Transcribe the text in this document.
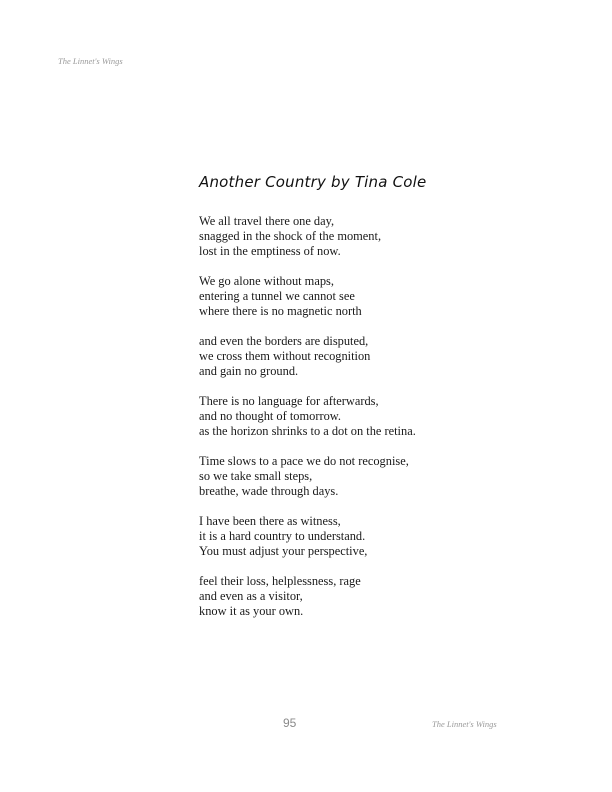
The Linnet's Wings
Another Country by Tina Cole
We all travel there one day,
snagged in the shock of the moment,
lost in the emptiness of now.
We go alone without maps,
entering a tunnel we cannot see
where there is no magnetic north
and even the borders are disputed,
we cross them without recognition
and gain no ground.
There is no language for afterwards,
and no thought of tomorrow.
as the horizon shrinks to a dot on the retina.
Time slows to a pace we do not recognise,
so we take small steps,
breathe, wade through days.
I have been there as witness,
it is a hard country to understand.
You must adjust your perspective,
feel their loss, helplessness, rage
and even as a visitor,
know it as your own.
95	The Linnet's Wings
